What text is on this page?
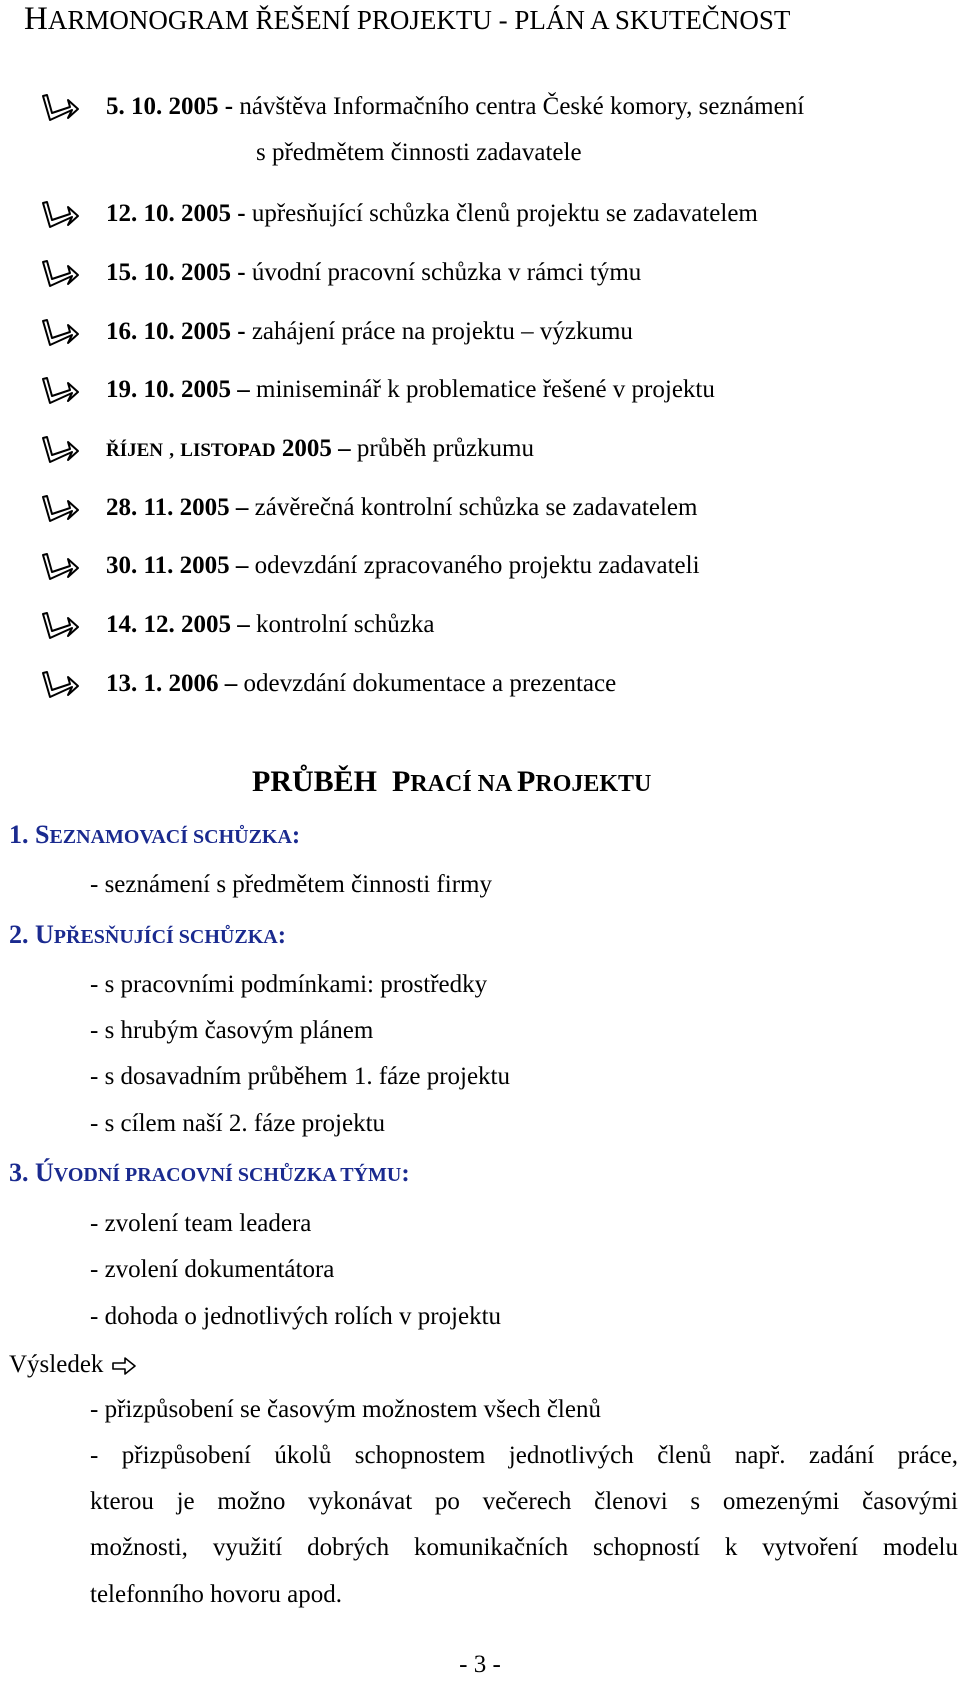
HARMONOGRAM ŘEŠENÍ PROJEKTU - PLÁN A SKUTEČNOST
5. 10. 2005 - návštěva Informačního centra České komory, seznámení
s předmětem činnosti zadavatele
12. 10. 2005 - upřesňující schůzka členů projektu se zadavatelem
15. 10. 2005 - úvodní pracovní schůzka v rámci týmu
16. 10. 2005 - zahájení práce na projektu – výzkumu
19. 10. 2005 – miniseminář k problematice řešené v projektu
ŘÍJEN , LISTOPAD 2005 – průběh průzkumu
28. 11. 2005 – závěrečná kontrolní schůzka se zadavatelem
30. 11. 2005 – odevzdání zpracovaného projektu zadavateli
14. 12. 2005 – kontrolní schůzka
13. 1. 2006 – odevzdání dokumentace a prezentace
PRŮBĚH PRACÍ NA PROJEKTU
1. SEZNAMOVACÍ SCHŮZKA:
- seznámení s předmětem činnosti firmy
2. UPŘESŇUJÍCÍ SCHŮZKA:
- s pracovními podmínkami: prostředky
- s hrubým časovým plánem
- s dosavadním průběhem 1. fáze projektu
- s cílem naší 2. fáze projektu
3. ÚVODNÍ PRACOVNÍ SCHŮZKA TÝMU:
- zvolení team leadera
- zvolení dokumentátora
- dohoda o jednotlivých rolích v projektu
Výsledek
- přizpůsobení se časovým možnostem všech členů
- přizpůsobení úkolů schopnostem jednotlivých členů např. zadání práce,
kterou je možno vykonávat po večerech členovi s omezenými časovými
možnosti, využití dobrých komunikačních schopností k vytvoření modelu
telefonního hovoru apod.
- 3 -
